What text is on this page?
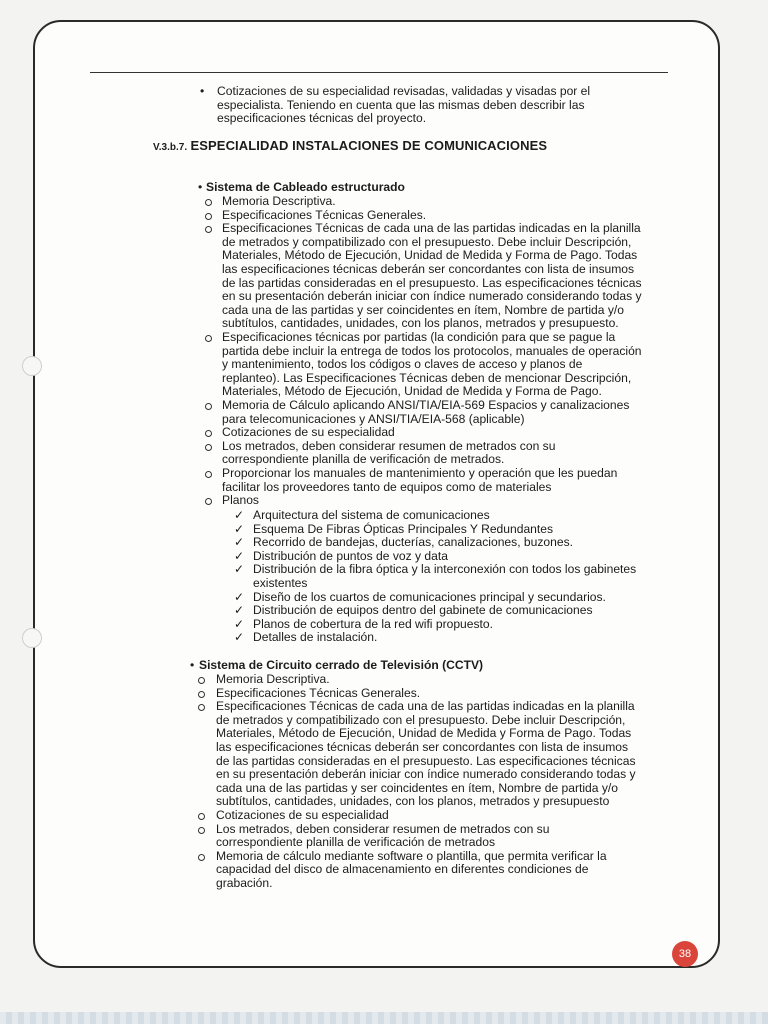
38
• Cotizaciones de su especialidad revisadas, validadas y visadas por el
especialista. Teniendo en cuenta que las mismas deben describir las
especificaciones técnicas del proyecto.
V.3.b.7. ESPECIALIDAD INSTALACIONES DE COMUNICACIONES
• Sistema de Cableado estructurado
Memoria Descriptiva.
Especificaciones Técnicas Generales.
Especificaciones Técnicas de cada una de las partidas indicadas en la planilla
de metrados y compatibilizado con el presupuesto. Debe incluir Descripción,
Materiales, Método de Ejecución, Unidad de Medida y Forma de Pago. Todas
las especificaciones técnicas deberán ser concordantes con lista de insumos
de las partidas consideradas en el presupuesto. Las especificaciones técnicas
en su presentación deberán iniciar con índice numerado considerando todas y
cada una de las partidas y ser coincidentes en ítem, Nombre de partida y/o
subtítulos, cantidades, unidades, con los planos, metrados y presupuesto.
Especificaciones técnicas por partidas (la condición para que se pague la
partida debe incluir la entrega de todos los protocolos, manuales de operación
y mantenimiento, todos los códigos o claves de acceso y planos de
replanteo). Las Especificaciones Técnicas deben de mencionar Descripción,
Materiales, Método de Ejecución, Unidad de Medida y Forma de Pago.
Memoria de Cálculo aplicando ANSI/TIA/EIA-569 Espacios y canalizaciones
para telecomunicaciones y ANSI/TIA/EIA-568 (aplicable)
Cotizaciones de su especialidad
Los metrados, deben considerar resumen de metrados con su
correspondiente planilla de verificación de metrados.
Proporcionar los manuales de mantenimiento y operación que les puedan
facilitar los proveedores tanto de equipos como de materiales
Planos
✓ Arquitectura del sistema de comunicaciones
✓ Esquema De Fibras Ópticas Principales Y Redundantes
✓ Recorrido de bandejas, ducterías, canalizaciones, buzones.
✓ Distribución de puntos de voz y data
✓ Distribución de la fibra óptica y la interconexión con todos los gabinetes
existentes
✓ Diseño de los cuartos de comunicaciones principal y secundarios.
✓ Distribución de equipos dentro del gabinete de comunicaciones
✓ Planos de cobertura de la red wifi propuesto.
✓ Detalles de instalación.
• Sistema de Circuito cerrado de Televisión (CCTV)
Memoria Descriptiva.
Especificaciones Técnicas Generales.
Especificaciones Técnicas de cada una de las partidas indicadas en la planilla
de metrados y compatibilizado con el presupuesto. Debe incluir Descripción,
Materiales, Método de Ejecución, Unidad de Medida y Forma de Pago. Todas
las especificaciones técnicas deberán ser concordantes con lista de insumos
de las partidas consideradas en el presupuesto. Las especificaciones técnicas
en su presentación deberán iniciar con índice numerado considerando todas y
cada una de las partidas y ser coincidentes en ítem, Nombre de partida y/o
subtítulos, cantidades, unidades, con los planos, metrados y presupuesto
Cotizaciones de su especialidad
Los metrados, deben considerar resumen de metrados con su
correspondiente planilla de verificación de metrados
Memoria de cálculo mediante software o plantilla, que permita verificar la
capacidad del disco de almacenamiento en diferentes condiciones de
grabación.
